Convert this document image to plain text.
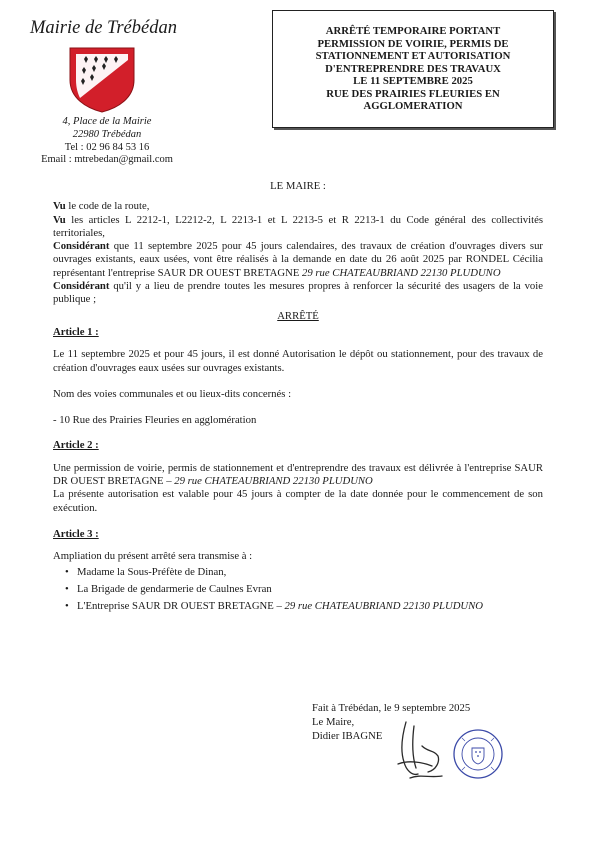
Mairie de Trébédan
4, Place de la Mairie
22980 Trébédan
Tel : 02 96 84 53 16
Email : mtrebedan@gmail.com
ARRÊTÉ TEMPORAIRE PORTANT
PERMISSION DE VOIRIE, PERMIS DE
STATIONNEMENT ET AUTORISATION
D'ENTREPRENDRE DES TRAVAUX
LE 11 SEPTEMBRE 2025
RUE DES PRAIRIES FLEURIES EN
AGGLOMERATION

LE MAIRE :

Vu le code de la route,

Vu les articles L 2212-1, L2212-2, L 2213-1 et L 2213-5 et R 2213-1 du Code général des collectivités territoriales,

Considérant que 11 septembre 2025 pour 45 jours calendaires, des travaux de création d'ouvrages divers sur ouvrages existants, eaux usées, vont être réalisés à la demande en date du 26 août 2025 par RONDEL Cécilia représentant l'entreprise SAUR DR OUEST BRETAGNE 29 rue CHATEAUBRIAND 22130 PLUDUNO

Considérant qu'il y a lieu de prendre toutes les mesures propres à renforcer la sécurité des usagers de la voie publique ;

ARRÊTÉ

Article 1 :

Le 11 septembre 2025 et pour 45 jours, il est donné Autorisation le dépôt ou stationnement, pour des travaux de création d'ouvrages eaux usées sur ouvrages existants.

Nom des voies communales et ou lieux-dits concernés :

- 10 Rue des Prairies Fleuries en agglomération

Article 2 :

Une permission de voirie, permis de stationnement et d'entreprendre des travaux est délivrée à l'entreprise SAUR DR OUEST BRETAGNE – 29 rue CHATEAUBRIAND 22130 PLUDUNO

La présente autorisation est valable pour 45 jours à compter de la date donnée pour le commencement de son exécution.

Article 3 :

Ampliation du présent arrêté sera transmise à :

• Madame la Sous-Préfète de Dinan,
• La Brigade de gendarmerie de Caulnes Evran
• L'Entreprise SAUR DR OUEST BRETAGNE – 29 rue CHATEAUBRIAND 22130 PLUDUNO
Fait à Trébédan, le 9 septembre 2025
Le Maire,
Didier IBAGNE
